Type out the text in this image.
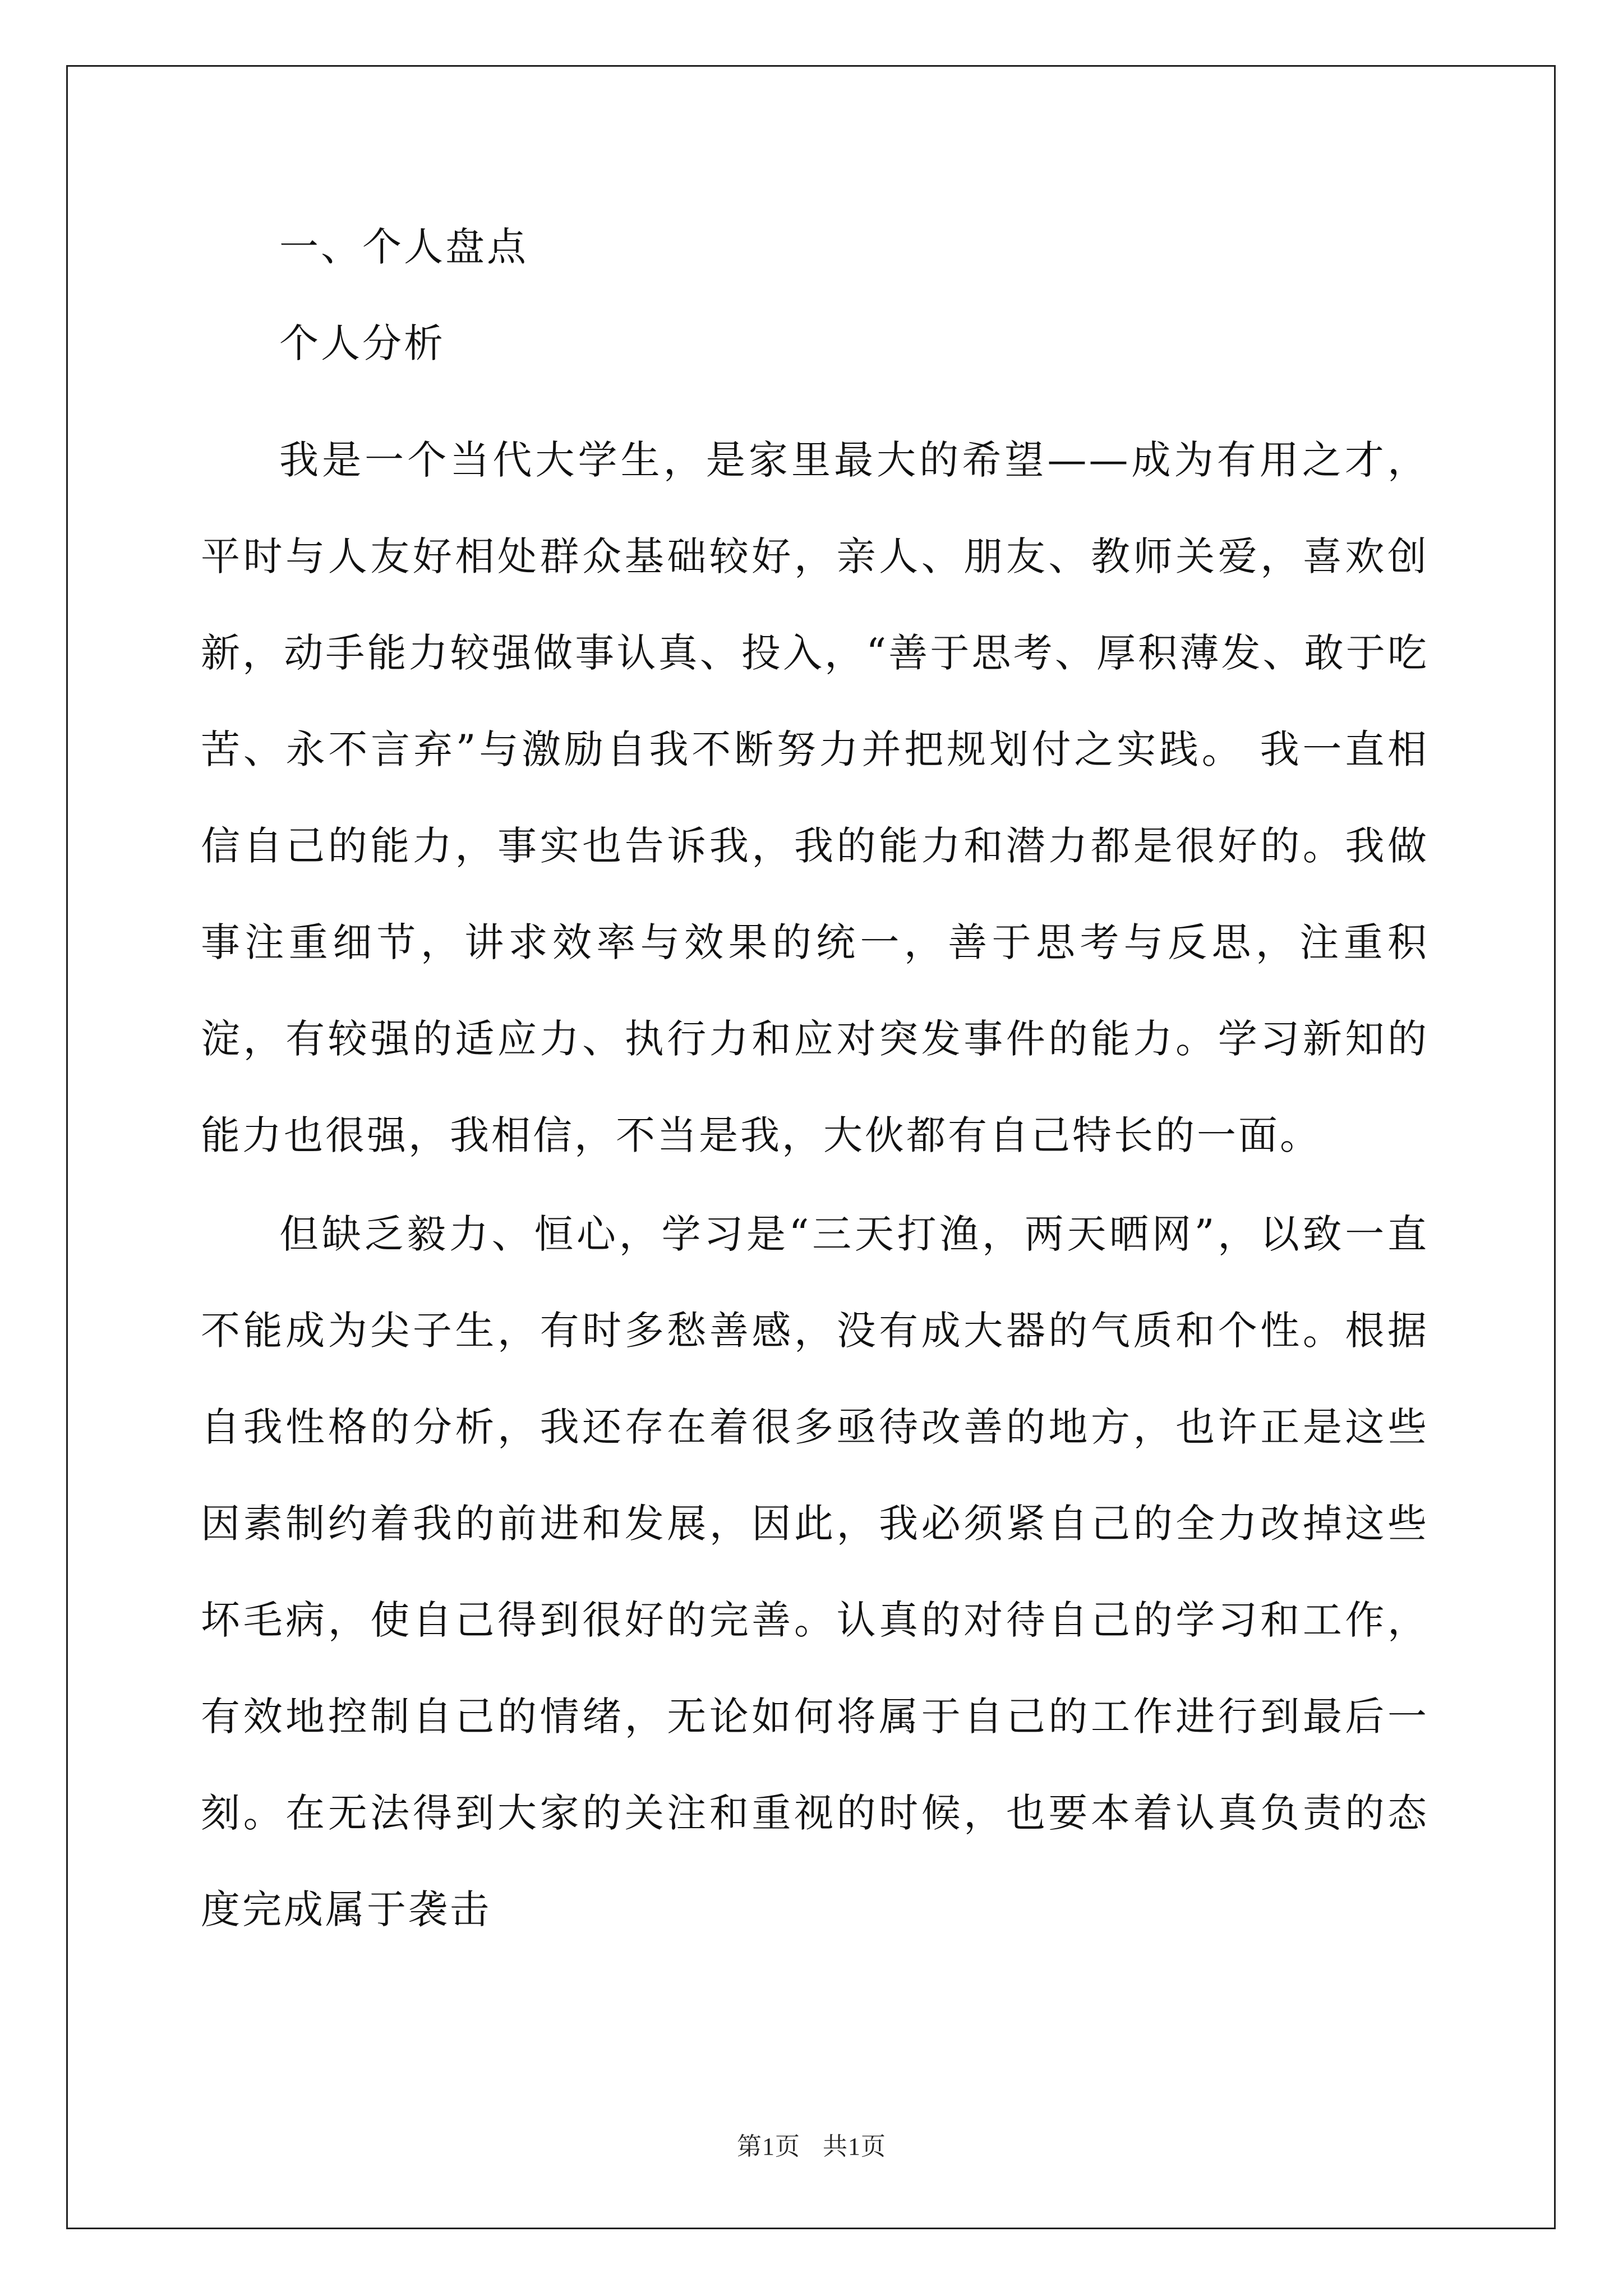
一、个人盘点

个人分析

我是一个当代大学生，是家里最大的希望——成为有用之才，平时与人友好相处群众基础较好，亲人、朋友、教师关爱，喜欢创新，动手能力较强做事认真、投入，“善于思考、厚积薄发、敢于吃苦、永不言弃”与激励自我不断努力并把规划付之实践。 我一直相信自己的能力，事实也告诉我，我的能力和潜力都是很好的。我做事注重细节，讲求效率与效果的统一，善于思考与反思，注重积淀，有较强的适应力、执行力和应对突发事件的能力。学习新知的能力也很强，我相信，不当是我，大伙都有自己特长的一面。

但缺乏毅力、恒心，学习是“三天打渔，两天晒网”，以致一直不能成为尖子生，有时多愁善感，没有成大器的气质和个性。根据自我性格的分析，我还存在着很多亟待改善的地方，也许正是这些因素制约着我的前进和发展，因此，我必须紧自己的全力改掉这些坏毛病，使自己得到很好的完善。认真的对待自己的学习和工作，有效地控制自己的情绪，无论如何将属于自己的工作进行到最后一刻。在无法得到大家的关注和重视的时候，也要本着认真负责的态度完成属于袭击

第1页 共1页
